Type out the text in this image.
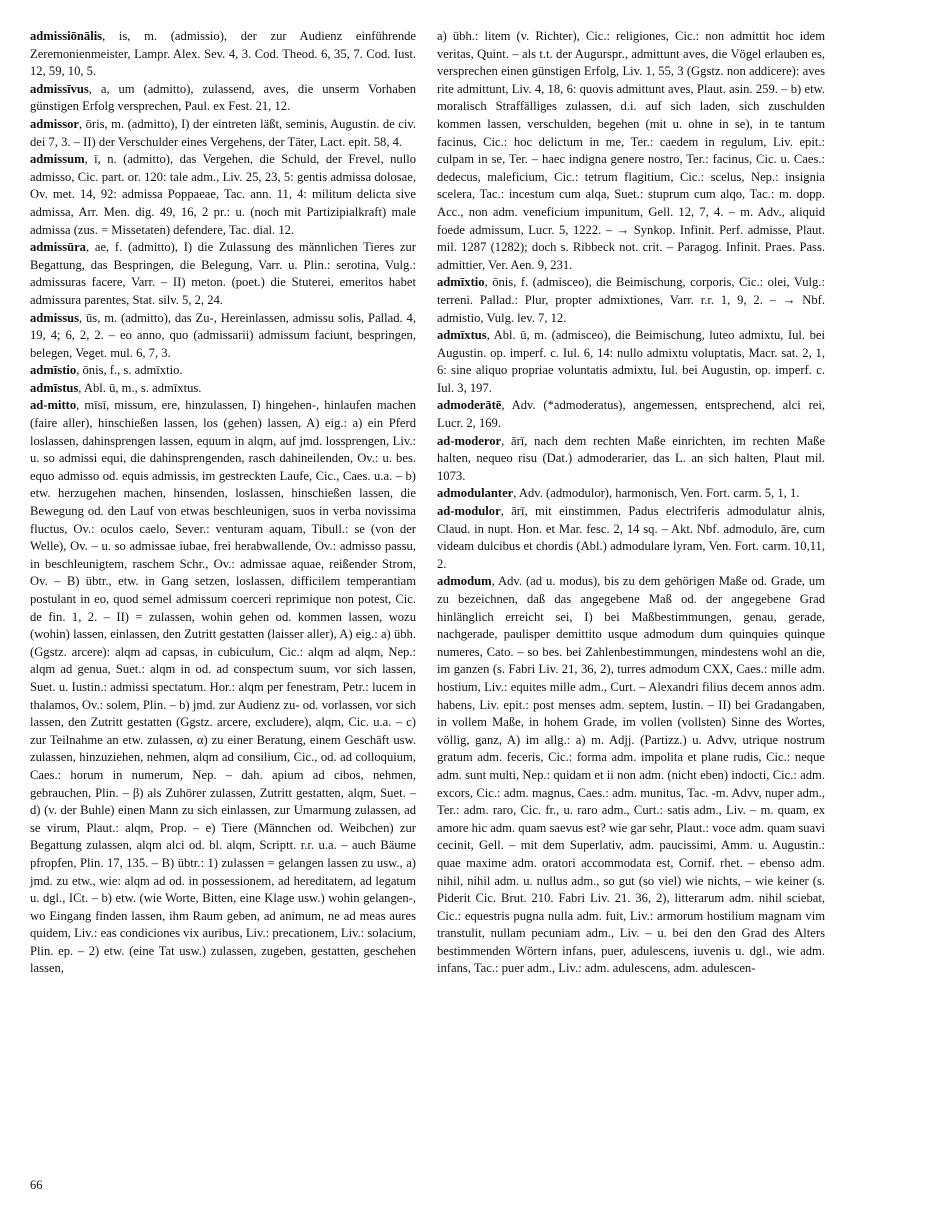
admissiōnālis, is, m. (admissio), der zur Audienz einführende Zeremonienmeister, Lampr. Alex. Sev. 4, 3. Cod. Theod. 6, 35, 7. Cod. Iust. 12, 59, 10, 5.

admissīvus, a, um (admitto), zulassend, aves, die unserm Vorhaben günstigen Erfolg versprechen, Paul. ex Fest. 21, 12.

admissor, ōris, m. (admitto), I) der eintreten läßt, seminis, Augustin. de civ. dei 7, 3. – II) der Verschulder eines Vergehens, der Täter, Lact. epit. 58, 4.

admissum, ī, n. (admitto), das Vergehen, die Schuld, der Frevel, nullo admisso, Cic. part. or. 120: tale adm., Liv. 25, 23, 5: gentis admissa dolosae, Ov. met. 14, 92: admissa Poppaeae, Tac. ann. 11, 4: militum delicta sive admissa, Arr. Men. dig. 49, 16, 2 pr.: u. (noch mit Partizipialkraft) male admissa (zus. = Missetaten) defendere, Tac. dial. 12.

admissūra, ae, f. (admitto), I) die Zulassung des männlichen Tieres zur Begattung, das Bespringen, die Belegung, Varr. u. Plin.: serotina, Vulg.: admissuras facere, Varr. – II) meton. (poet.) die Stuterei, emeritos habet admissura parentes, Stat. silv. 5, 2, 24.

admissus, ūs, m. (admitto), das Zu-, Hereinlassen, admissu solis, Pallad. 4, 19, 4; 6, 2, 2. – eo anno, quo (admissarii) admissum faciunt, bespringen, belegen, Veget. mul. 6, 7, 3.

admīstio, ōnis, f., s. admīxtio.

admīstus, Abl. ū, m., s. admīxtus.

ad-mitto, mīsī, missum, ere, hinzulassen, I) hingehen-, hinlaufen machen (faire aller), hinschießen lassen, los (gehen) lassen, A) eig.: a) ein Pferd loslassen, dahinsprengen lassen, equum in alqm, auf jmd. lossprengen, Liv.: u. so admissi equi, die dahinsprengenden, rasch dahineilenden, Ov.: u. bes. equo admisso od. equis admissis, im gestreckten Laufe, Cic., Caes. u.a. – b) etw. herzugehen machen, hinsenden, loslassen, hinschießen lassen, die Bewegung od. den Lauf von etwas beschleunigen, suos in verba novissima fluctus, Ov.: oculos caelo, Sever.: venturam aquam, Tibull.: se (von der Welle), Ov. – u. so admissae iubae, frei herabwallende, Ov.: admisso passu, in beschleunigtem, raschem Schr., Ov.: admissae aquae, reißender Strom, Ov. – B) übtr., etw. in Gang setzen, loslassen, difficilem temperantiam postulant in eo, quod semel admissum coerceri reprimique non potest, Cic. de fin. 1, 2. – II) = zulassen, wohin gehen od. kommen lassen, wozu (wohin) lassen, einlassen, den Zutritt gestatten (laisser aller), A) eig.: a) übh. (Ggstz. arcere): alqm ad capsas, in cubiculum, Cic.: alqm ad alqm, Nep.: alqm ad genua, Suet.: alqm in od. ad conspectum suum, vor sich lassen, Suet. u. Iustin.: admissi spectatum. Hor.: alqm per fenestram, Petr.: lucem in thalamos, Ov.: solem, Plin. – b) jmd. zur Audienz zu- od. vorlassen, vor sich lassen, den Zutritt gestatten (Ggstz. arcere, excludere), alqm, Cic. u.a. – c) zur Teilnahme an etw. zulassen, α) zu einer Beratung, einem Geschäft usw. zulassen, hinzuziehen, nehmen, alqm ad consilium, Cic., od. ad colloquium, Caes.: horum in numerum, Nep. – dah. apium ad cibos, nehmen, gebrauchen, Plin. – β) als Zuhörer zulassen, Zutritt gestatten, alqm, Suet. – d) (v. der Buhle) einen Mann zu sich einlassen, zur Umarmung zulassen, ad se virum, Plaut.: alqm, Prop. – e) Tiere (Männchen od. Weibchen) zur Begattung zulassen, alqm alci od. bl. alqm, Scriptt. r.r. u.a. – auch Bäume pfropfen, Plin. 17, 135. – B) übtr.: 1) zulassen = gelangen lassen zu usw., a) jmd. zu etw., wie: alqm ad od. in possessionem, ad hereditatem, ad legatum u. dgl., ICt. – b) etw. (wie Worte, Bitten, eine Klage usw.) wohin gelangen-, wo Eingang finden lassen, ihm Raum geben, ad animum, ne ad meas aures quidem, Liv.: eas condiciones vix auribus, Liv.: precationem, Liv.: solacium, Plin. ep. – 2) etw. (eine Tat usw.) zulassen, zugeben, gestatten, geschehen lassen,

a) übh.: litem (v. Richter), Cic.: religiones, Cic.: non admittit hoc idem veritas, Quint. – als t.t. der Augurspr., admittunt aves, die Vögel erlauben es, versprechen einen günstigen Erfolg, Liv. 1, 55, 3 (Ggstz. non addicere): aves rite admittunt, Liv. 4, 18, 6: quovis admittunt aves, Plaut. asin. 259. – b) etw. moralisch Straffälliges zulassen, d.i. auf sich laden, sich zuschulden kommen lassen, verschulden, begehen (mit u. ohne in se), in te tantum facinus, Cic.: hoc delictum in me, Ter.: caedem in regulum, Liv. epit.: culpam in se, Ter. – haec indigna genere nostro, Ter.: facinus, Cic. u. Caes.: dedecus, maleficium, Cic.: tetrum flagitium, Cic.: scelus, Nep.: insignia scelera, Tac.: incestum cum alqa, Suet.: stuprum cum alqo, Tac.: m. dopp. Acc., non adm. veneficium impunitum, Gell. 12, 7, 4. – m. Adv., aliquid foede admissum, Lucr. 5, 1222. – → Synkop. Infinit. Perf. admisse, Plaut. mil. 1287 (1282); doch s. Ribbeck not. crit. – Paragog. Infinit. Praes. Pass. admittier, Ver. Aen. 9, 231.

admīxtio, ōnis, f. (admisceo), die Beimischung, corporis, Cic.: olei, Vulg.: terreni. Pallad.: Plur, propter admixtiones, Varr. r.r. 1, 9, 2. – → Nbf. admistio, Vulg. lev. 7, 12.

admīxtus, Abl. ū, m. (admisceo), die Beimischung, luteo admixtu, Iul. bei Augustin. op. imperf. c. Iul. 6, 14: nullo admixtu voluptatis, Macr. sat. 2, 1, 6: sine aliquo propriae voluntatis admixtu, Iul. bei Augustin, op. imperf. c. Iul. 3, 197.

admoderātē, Adv. (*admoderatus), angemessen, entsprechend, alci rei, Lucr. 2, 169.

ad-moderor, ārī, nach dem rechten Maße einrichten, im rechten Maße halten, nequeo risu (Dat.) admoderarier, das L. an sich halten, Plaut mil. 1073.

admodulanter, Adv. (admodulor), harmonisch, Ven. Fort. carm. 5, 1, 1.

ad-modulor, ārī, mit einstimmen, Padus electriferis admodulatur alnis, Claud. in nupt. Hon. et Mar. fesc. 2, 14 sq. – Akt. Nbf. admodulo, āre, cum videam dulcibus et chordis (Abl.) admodulare lyram, Ven. Fort. carm. 10,11, 2.

admodum, Adv. (ad u. modus), bis zu dem gehörigen Maße od. Grade, um zu bezeichnen, daß das angegebene Maß od. der angegebene Grad hinlänglich erreicht sei, I) bei Maßbestimmungen, genau, gerade, nachgerade, paulisper demittito usque admodum dum quinquies quinque numeres, Cato. – so bes. bei Zahlenbestimmungen, mindestens wohl an die, im ganzen (s. Fabri Liv. 21, 36, 2), turres admodum CXX, Caes.: mille adm. hostium, Liv.: equites mille adm., Curt. – Alexandri filius decem annos adm. habens, Liv. epit.: post menses adm. septem, Iustin. – II) bei Gradangaben, in vollem Maße, in hohem Grade, im vollen (vollsten) Sinne des Wortes, völlig, ganz, A) im allg.: a) m. Adjj. (Partizz.) u. Advv, utrique nostrum gratum adm. feceris, Cic.: forma adm. impolita et plane rudis, Cic.: neque adm. sunt multi, Nep.: quidam et ii non adm. (nicht eben) indocti, Cic.: adm. excors, Cic.: adm. magnus, Caes.: adm. munitus, Tac. -m. Advv, nuper adm., Ter.: adm. raro, Cic. fr., u. raro adm., Curt.: satis adm., Liv. – m. quam, ex amore hic adm. quam saevus est? wie gar sehr, Plaut.: voce adm. quam suavi cecinit, Gell. – mit dem Superlativ, adm. paucissimi, Amm. u. Augustin.: quae maxime adm. oratori accommodata est, Cornif. rhet. – ebenso adm. nihil, nihil adm. u. nullus adm., so gut (so viel) wie nichts, – wie keiner (s. Piderit Cic. Brut. 210. Fabri Liv. 21. 36, 2), litterarum adm. nihil sciebat, Cic.: equestris pugna nulla adm. fuit, Liv.: armorum hostilium magnam vim transtulit, nullam pecuniam adm., Liv. – u. bei den den Grad des Alters bestimmenden Wörtern infans, puer, adulescens, iuvenis u. dgl., wie adm. infans, Tac.: puer adm., Liv.: adm. adulescens, adm. adulescen-

66
